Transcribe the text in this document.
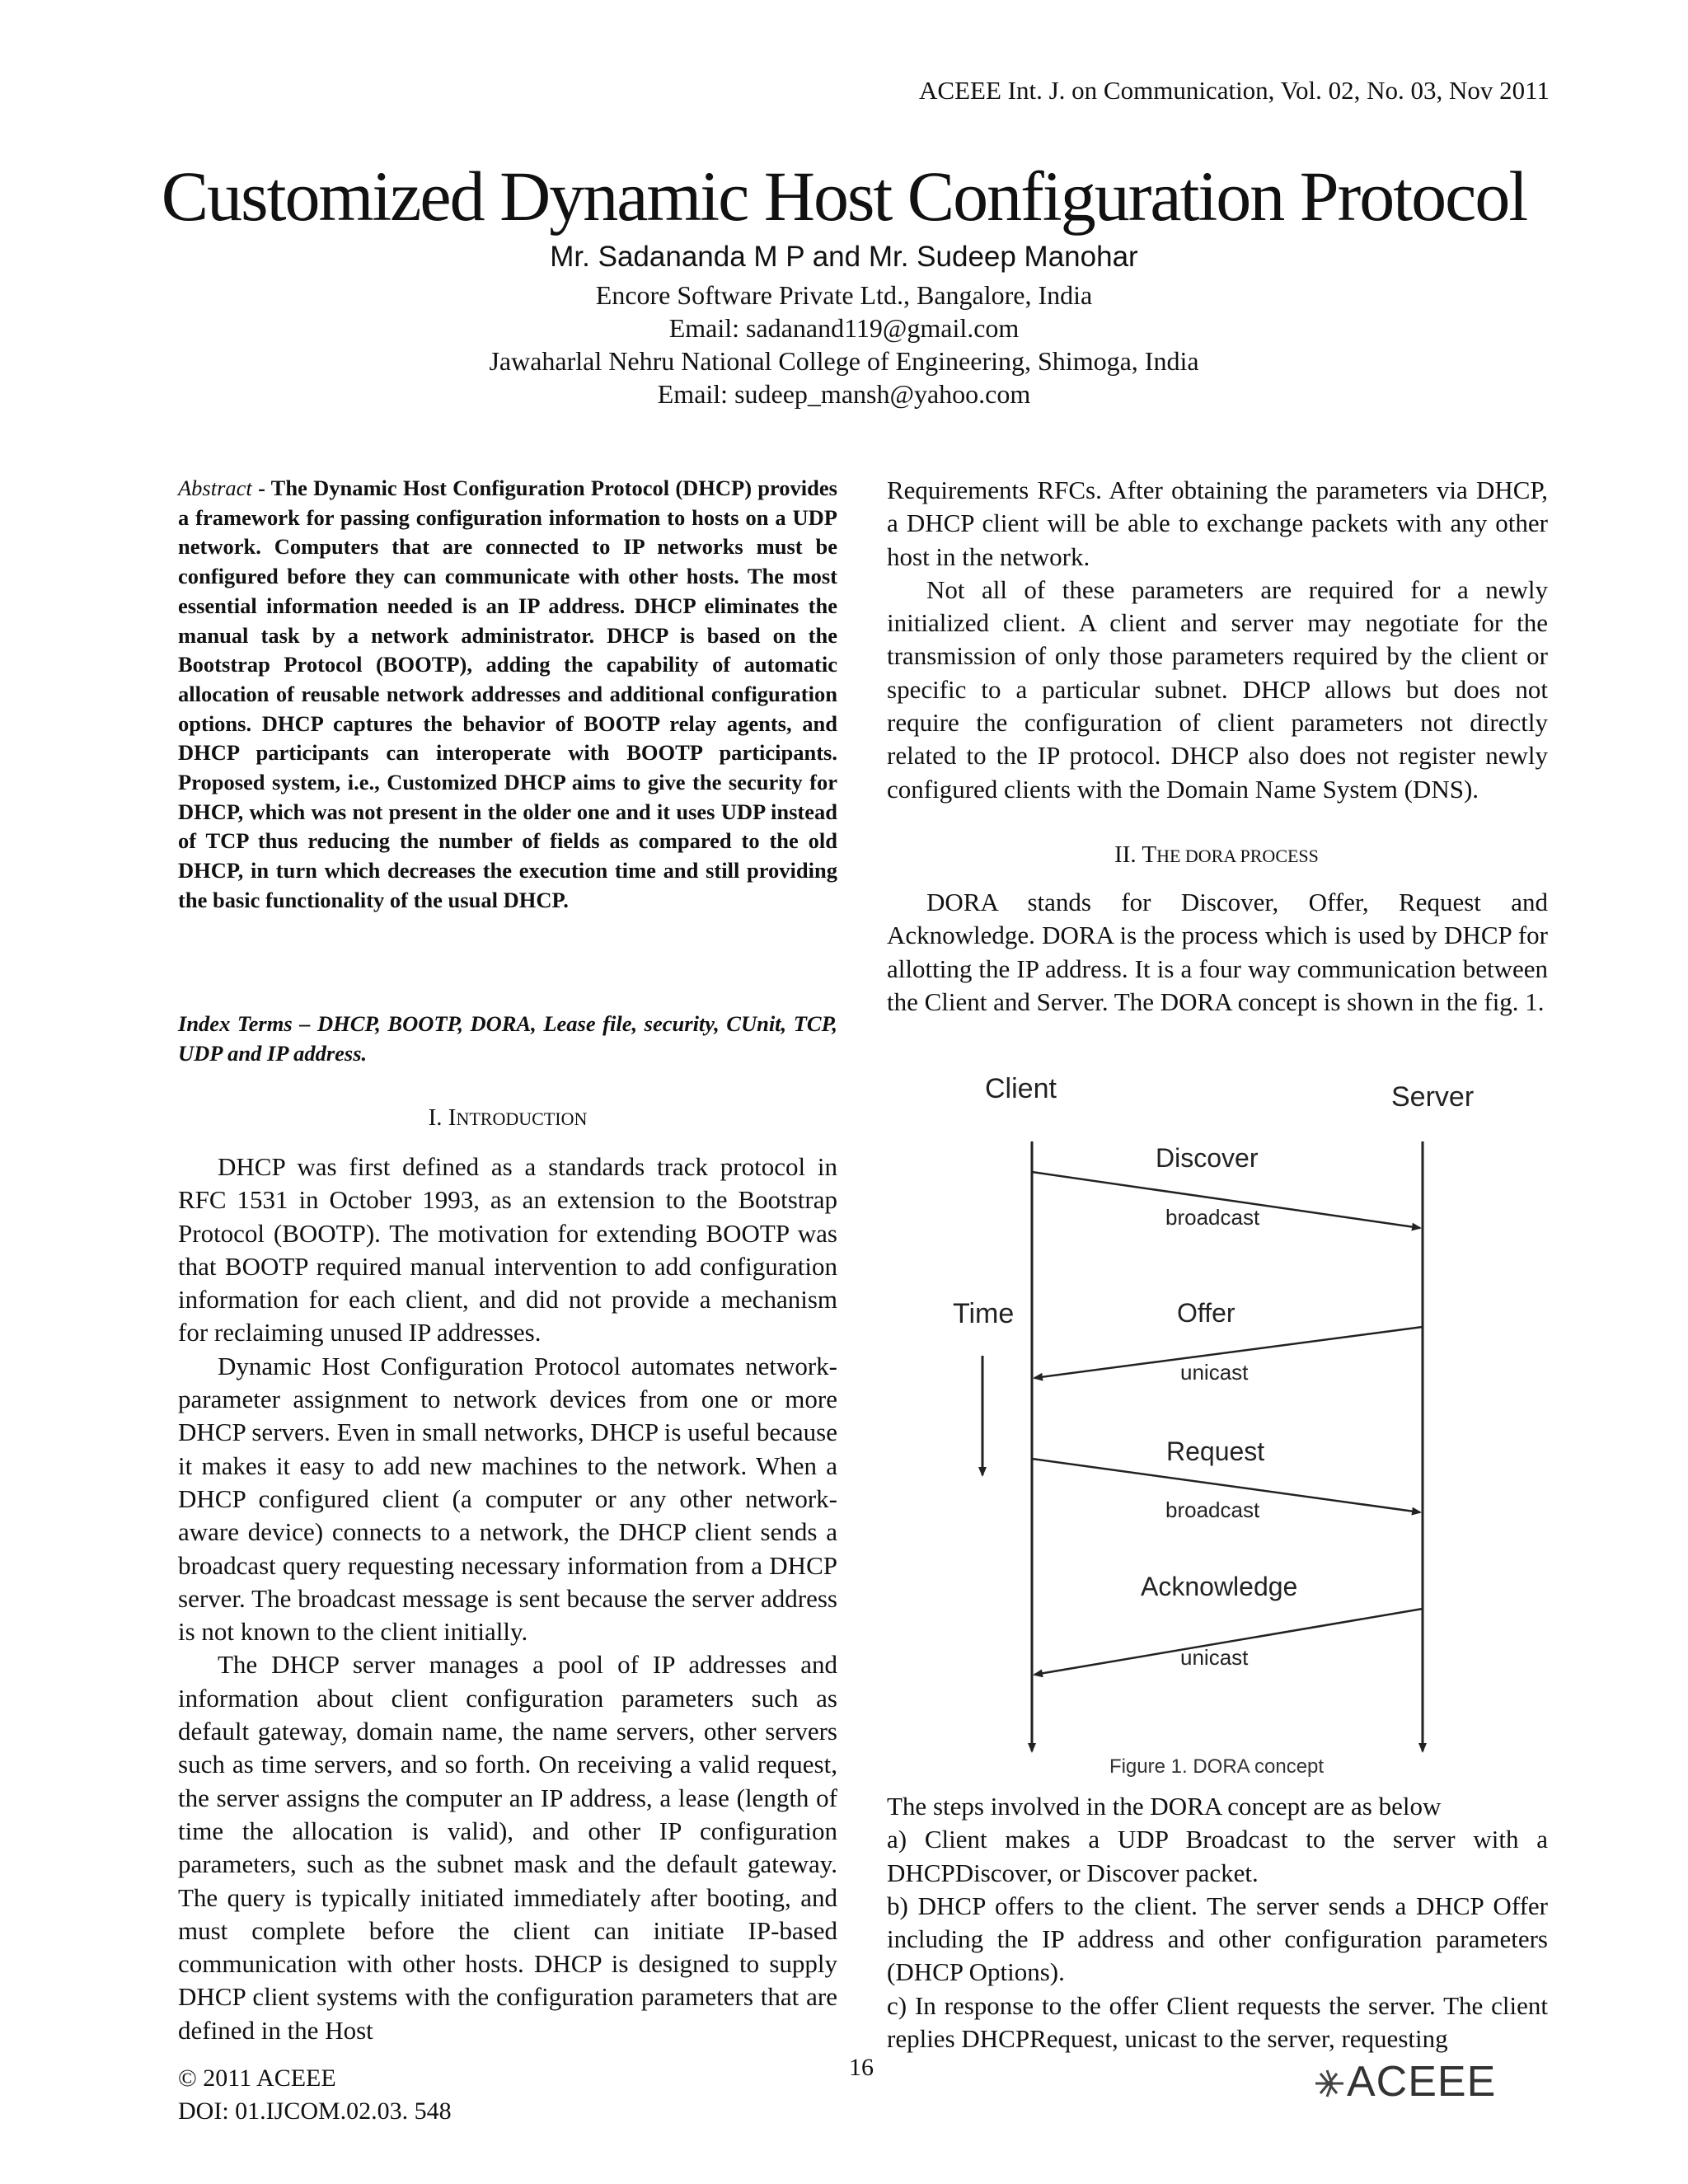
ACEEE Int. J. on Communication, Vol. 02, No. 03, Nov 2011
Customized Dynamic Host Configuration Protocol
Mr. Sadananda M P and Mr. Sudeep Manohar
Encore Software Private Ltd., Bangalore, India
Email: sadanand119@gmail.com
Jawaharlal Nehru National College of Engineering, Shimoga, India
Email: sudeep_mansh@yahoo.com
Abstract - The Dynamic Host Configuration Protocol (DHCP) provides a framework for passing configuration information to hosts on a UDP network. Computers that are connected to IP networks must be configured before they can communicate with other hosts. The most essential information needed is an IP address. DHCP eliminates the manual task by a network administrator. DHCP is based on the Bootstrap Protocol (BOOTP), adding the capability of automatic allocation of reusable network addresses and additional configuration options. DHCP captures the behavior of BOOTP relay agents, and DHCP participants can interoperate with BOOTP participants. Proposed system, i.e., Customized DHCP aims to give the security for DHCP, which was not present in the older one and it uses UDP instead of TCP thus reducing the number of fields as compared to the old DHCP, in turn which decreases the execution time and still providing the basic functionality of the usual DHCP.
Index Terms – DHCP, BOOTP, DORA, Lease file, security, CUnit, TCP, UDP and IP address.
I. INTRODUCTION

DHCP was first defined as a standards track protocol in RFC 1531 in October 1993, as an extension to the Bootstrap Protocol (BOOTP). The motivation for extending BOOTP was that BOOTP required manual intervention to add configuration information for each client, and did not provide a mechanism for reclaiming unused IP addresses.

Dynamic Host Configuration Protocol automates network-parameter assignment to network devices from one or more DHCP servers. Even in small networks, DHCP is useful because it makes it easy to add new machines to the network. When a DHCP configured client (a computer or any other network-aware device) connects to a network, the DHCP client sends a broadcast query requesting necessary information from a DHCP server. The broadcast message is sent because the server address is not known to the client initially.

The DHCP server manages a pool of IP addresses and information about client configuration parameters such as default gateway, domain name, the name servers, other servers such as time servers, and so forth. On receiving a valid request, the server assigns the computer an IP address, a lease (length of time the allocation is valid), and other IP configuration parameters, such as the subnet mask and the default gateway. The query is typically initiated immediately after booting, and must complete before the client can initiate IP-based communication with other hosts. DHCP is designed to supply DHCP client systems with the configuration parameters that are defined in the Host

Requirements RFCs. After obtaining the parameters via DHCP, a DHCP client will be able to exchange packets with any other host in the network.

Not all of these parameters are required for a newly initialized client. A client and server may negotiate for the transmission of only those parameters required by the client or specific to a particular subnet. DHCP allows but does not require the configuration of client parameters not directly related to the IP protocol. DHCP also does not register newly configured clients with the Domain Name System (DNS).

II. THE DORA PROCESS

DORA stands for Discover, Offer, Request and Acknowledge. DORA is the process which is used by DHCP for allotting the IP address. It is a four way communication between the Client and Server. The DORA concept is shown in the fig. 1.

Client	Server
Time
Discover
broadcast
Offer
unicast
Request
broadcast
Acknowledge
unicast
Figure 1. DORA concept

The steps involved in the DORA concept are as below

a) Client makes a UDP Broadcast to the server with a DHCPDiscover, or Discover packet.

b) DHCP offers to the client. The server sends a DHCP Offer including the IP address and other configuration parameters (DHCP Options).

c) In response to the offer Client requests the server. The client replies DHCPRequest, unicast to the server, requesting

16
© 2011 ACEEE
DOI: 01.IJCOM.02.03. 548
ACEEE
